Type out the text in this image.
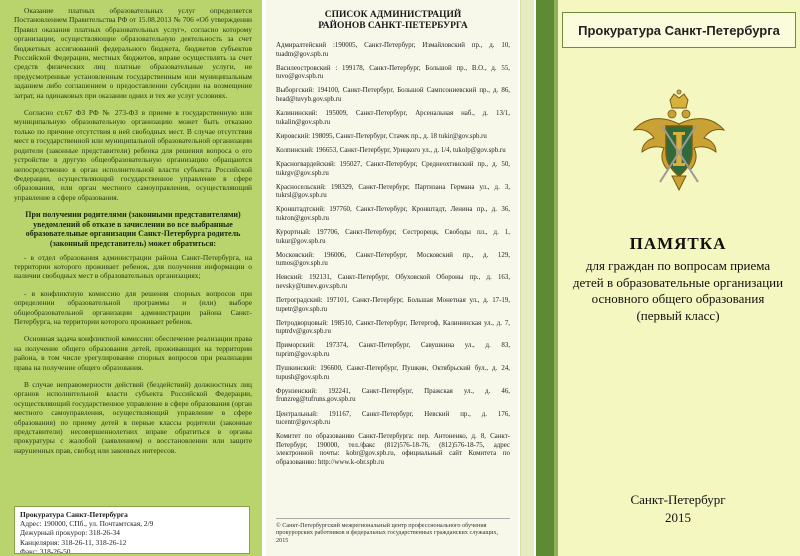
Оказание платных образовательных услуг определяется Постановлением Правительства РФ от 15.08.2013 № 706 «Об утверждении Правил оказания платных образовательных услуг», согласно которому организации, осуществляющие образовательную деятельность за счет бюджетных ассигнований федерального бюджета, бюджетов субъектов Российской Федерации, местных бюджетов, вправе осуществлять за счет средств физических лиц платные образовательные услуги, не предусмотренные установленным государственным или муниципальным заданием либо соглашением о предоставлении субсидии на возмещение затрат, на одинаковых при оказании одних и тех же услуг условиях.

Согласно ст.67 ФЗ РФ № 273-ФЗ в приеме в государственную или муниципальную образовательную организацию может быть отказано только по причине отсутствия в ней свободных мест. В случае отсутствия мест в государственной или муниципальной образовательной организации родители (законные представители) ребенка для решения вопроса о его устройстве в другую общеобразовательную организацию обращаются непосредственно в орган исполнительной власти субъекта Российской Федерации, осуществляющий государственное управление в сфере образования, или орган местного самоуправления, осуществляющий управление в сфере образования.

При получении родителями (законными представителями) уведомлений об отказе в зачислении во все выбранные образовательные организации Санкт-Петербурга родитель (законный представитель) может обратиться:

- в отдел образования администрации района Санкт-Петербурга, на территории которого проживает ребенок, для получения информации о наличии свободных мест в образовательных организациях;

- в конфликтную комиссию для решения спорных вопросов при определении образовательной программы и (или) выборе общеобразовательной организации администрации района Санкт-Петербурга, на территории которого проживает ребенок.

Основная задача конфликтной комиссии: обеспечение реализации права на получение общего образования детей, проживающих на территории района, в том числе урегулирование спорных вопросов при реализации права на получение общего образования.

В случае неправомерности действий (бездействий) должностных лиц органов исполнительной власти субъекта Российской Федерации, осуществляющий государственное управление в сфере образования (орган местного самоуправления, осуществляющий управление в сфере образования) по приему детей в первые классы родители (законные представители) несовершеннолетних вправе обратиться в органы прокуратуры с жалобой (заявлением) о восстановлении или защите нарушенных прав, свобод или законных интересов.

Прокуратура Санкт-Петербурга
Адрес: 190000, СПб., ул. Почтамтская, 2/9
Дежурный прокурор: 318-26-34
Канцелярия: 318-26-11, 318-26-12
Факс: 318-26-50
СПИСОК АДМИНИСТРАЦИЙ
РАЙОНОВ САНКТ-ПЕТЕРБУРГА
Адмиралтейский :190005, Санкт-Петербург, Измайловский пр., д. 10, tuadm@gov.spb.ru
Василеостровский : 199178, Санкт-Петербург, Большой пр., В.О., д. 55, tuvo@gov.spb.ru
Выборгский: 194100, Санкт-Петербург, Большой Сампсониевский пр., д. 86, head@tuvyb.gov.spb.ru
Калининский: 195009, Санкт-Петербург, Арсенальная наб., д. 13/1, tukalin@gov.spb.ru
Кировский: 198095, Санкт-Петербург, Стачек пр., д. 18 tukir@gov.spb.ru
Колпинский: 196653, Санкт-Петербург, Урицкого ул., д. 1/4, tukolp@gov.spb.ru
Красногвардейский: 195027, Санкт-Петербург, Среднеохтинский пр., д. 50, tukrgv@gov.spb.ru
Красносельский: 198329, Санкт-Петербург, Партизана Германа ул., д. 3, tukrsl@gov.spb.ru
Кронштадтский: 197760, Санкт-Петербург, Кронштадт, Ленина пр., д. 36, tukron@gov.spb.ru
Курортный: 197706, Санкт-Петербург, Сестрорецк, Свободы пл., д. 1, tukur@gov.spb.ru
Московский: 196006, Санкт-Петербург, Московский пр., д. 129, tumos@gov.spb.ru
Невский: 192131, Санкт-Петербург, Обуховской Обороны пр., д. 163, nevsky@tunev.gov.spb.ru
Петроградский: 197101, Санкт-Петербург, Большая Монетная ул., д. 17-19, tupetr@gov.spb.ru
Петродворцовый: 198510, Санкт-Петербург, Петергоф, Калининская ул., д. 7, tuptrdv@gov.spb.ru
Приморский: 197374, Санкт-Петербург, Савушкина ул., д. 83, tuprim@gov.spb.ru
Пушкинский: 196600, Санкт-Петербург, Пушкин, Октябрьский бул., д. 24, tupush@gov.spb.ru
Фрунзенский: 192241, Санкт-Петербург, Пражская ул., д. 46, frunzreg@tufruns.gov.spb.ru
Центральный: 191167, Санкт-Петербург, Невский пр., д. 176, tucentr@gov.spb.ru
Комитет по образованию Санкт-Петербурга: пер. Антоненко, д. 8, Санкт-Петербург, 190000, тел./факс (812)576-18-76, (812)576-18-75, адрес электронной почты: kobr@gov.spb.ru, официальный сайт Комитета по образованию: http://www.k-obr.spb.ru
© Санкт-Петербургский межрегиональный центр профессионального обучения прокурорских работников и федеральных государственных гражданских служащих, 2015
Прокуратура Санкт-Петербурга
ПАМЯТКА
для граждан по вопросам приема детей в образовательные организации основного общего образования (первый класс)
Санкт-Петербург
2015
